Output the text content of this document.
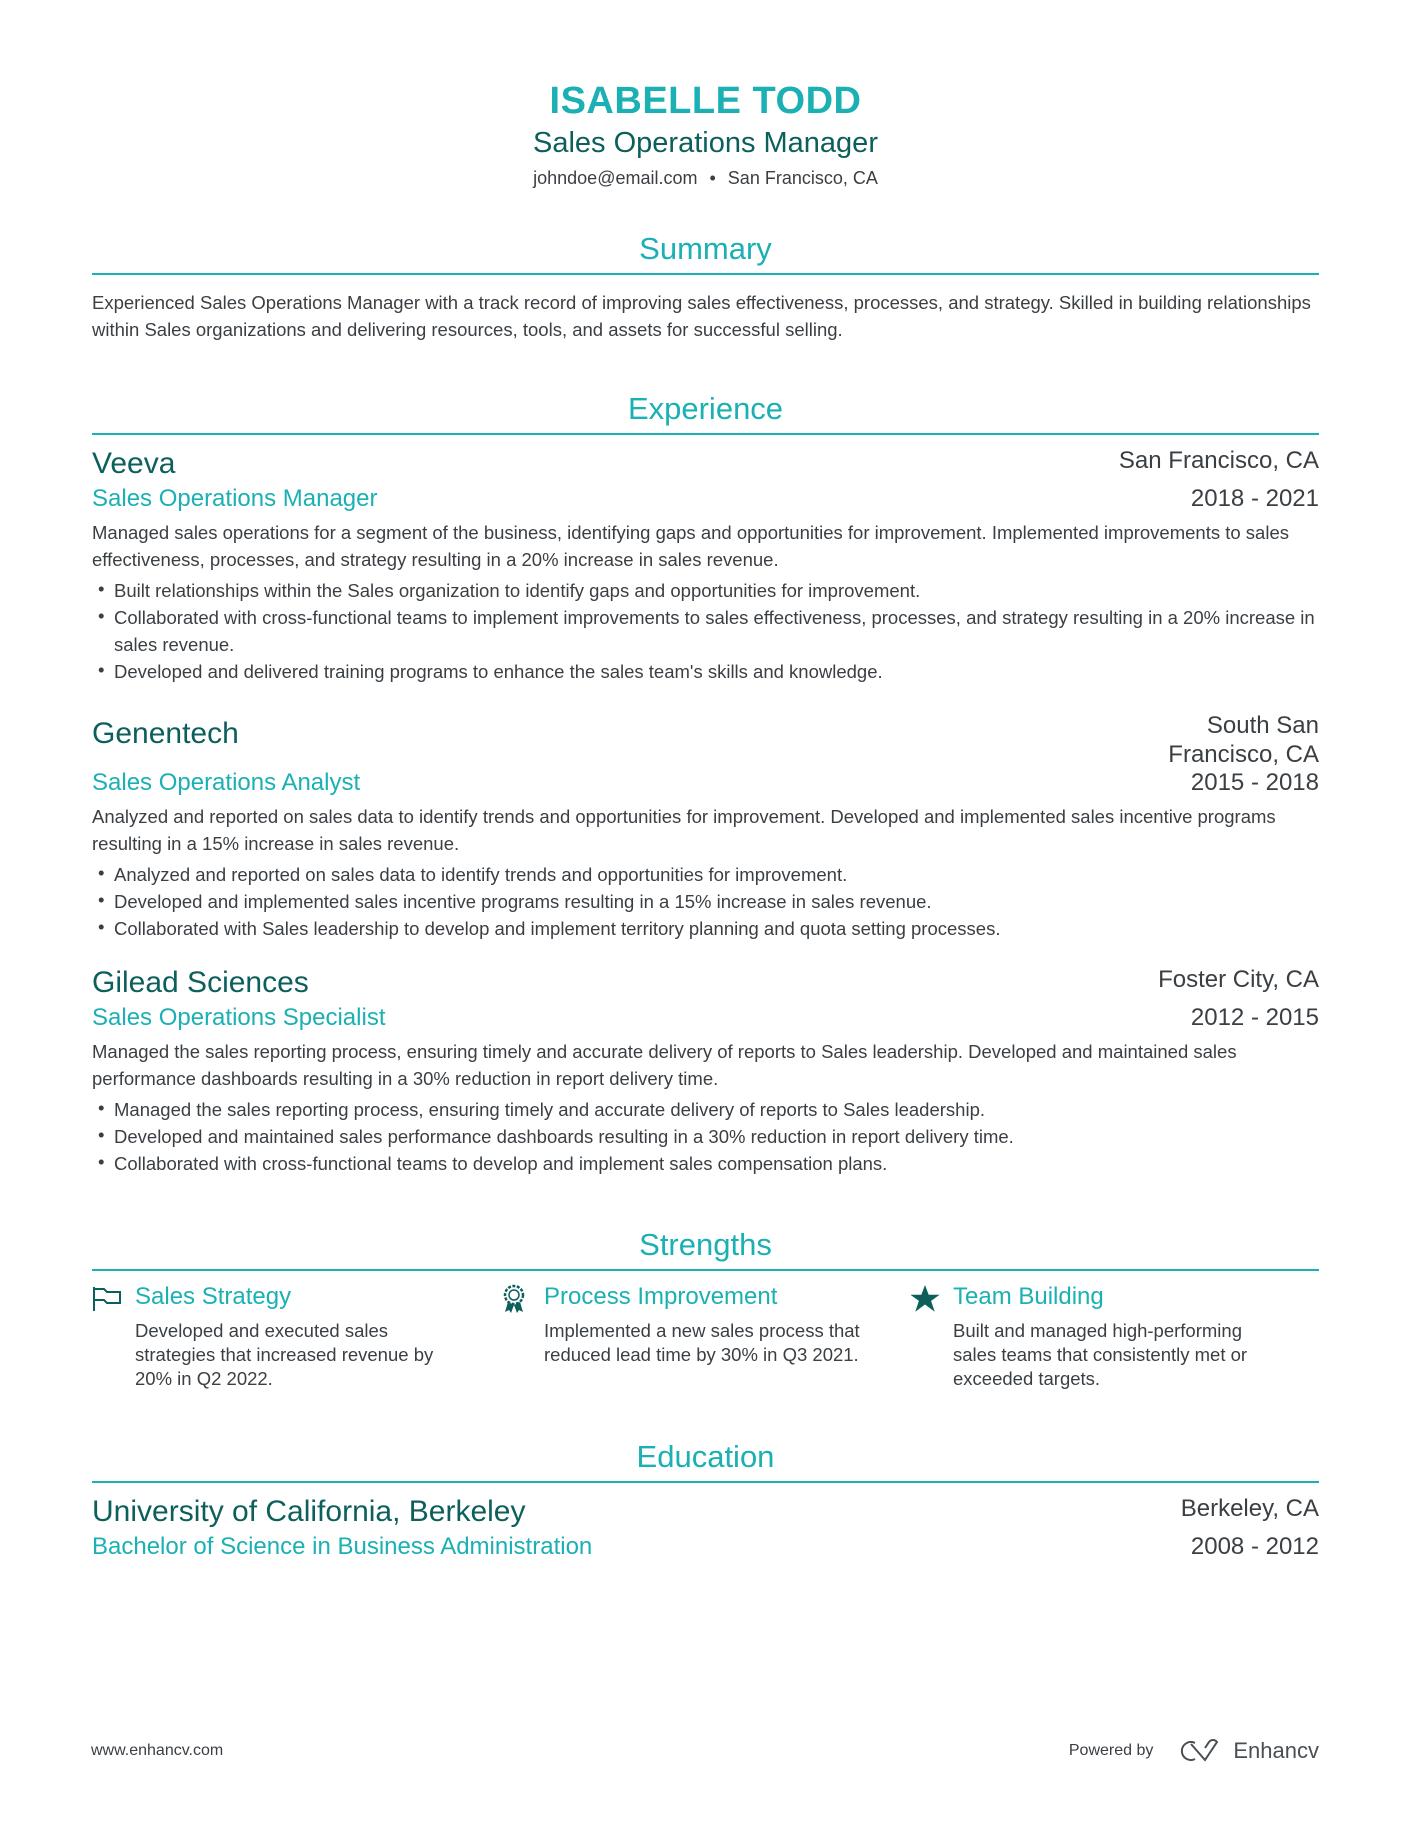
ISABELLE TODD
Sales Operations Manager
johndoe@email.com • San Francisco, CA
Summary

Experienced Sales Operations Manager with a track record of improving sales effectiveness, processes, and strategy. Skilled in building relationships within Sales organizations and delivering resources, tools, and assets for successful selling.

Experience
Veeva	San Francisco, CA
Sales Operations Manager	2018 - 2021

Managed sales operations for a segment of the business, identifying gaps and opportunities for improvement. Implemented improvements to sales effectiveness, processes, and strategy resulting in a 20% increase in sales revenue.

• Built relationships within the Sales organization to identify gaps and opportunities for improvement.
• Collaborated with cross-functional teams to implement improvements to sales effectiveness, processes, and strategy resulting in a 20% increase in sales revenue.
• Developed and delivered training programs to enhance the sales team's skills and knowledge.
Genentech	South San Francisco, CA
Sales Operations Analyst	2015 - 2018

Analyzed and reported on sales data to identify trends and opportunities for improvement. Developed and implemented sales incentive programs resulting in a 15% increase in sales revenue.

• Analyzed and reported on sales data to identify trends and opportunities for improvement.
• Developed and implemented sales incentive programs resulting in a 15% increase in sales revenue.
• Collaborated with Sales leadership to develop and implement territory planning and quota setting processes.
Gilead Sciences	Foster City, CA
Sales Operations Specialist	2012 - 2015

Managed the sales reporting process, ensuring timely and accurate delivery of reports to Sales leadership. Developed and maintained sales performance dashboards resulting in a 30% reduction in report delivery time.

• Managed the sales reporting process, ensuring timely and accurate delivery of reports to Sales leadership.
• Developed and maintained sales performance dashboards resulting in a 30% reduction in report delivery time.
• Collaborated with cross-functional teams to develop and implement sales compensation plans.
Strengths
Sales Strategy
Developed and executed sales strategies that increased revenue by 20% in Q2 2022.
Process Improvement
Implemented a new sales process that reduced lead time by 30% in Q3 2021.
Team Building
Built and managed high-performing sales teams that consistently met or exceeded targets.
Education
University of California, Berkeley	Berkeley, CA
Bachelor of Science in Business Administration	2008 - 2012
www.enhancv.com	Powered by	Enhancv
